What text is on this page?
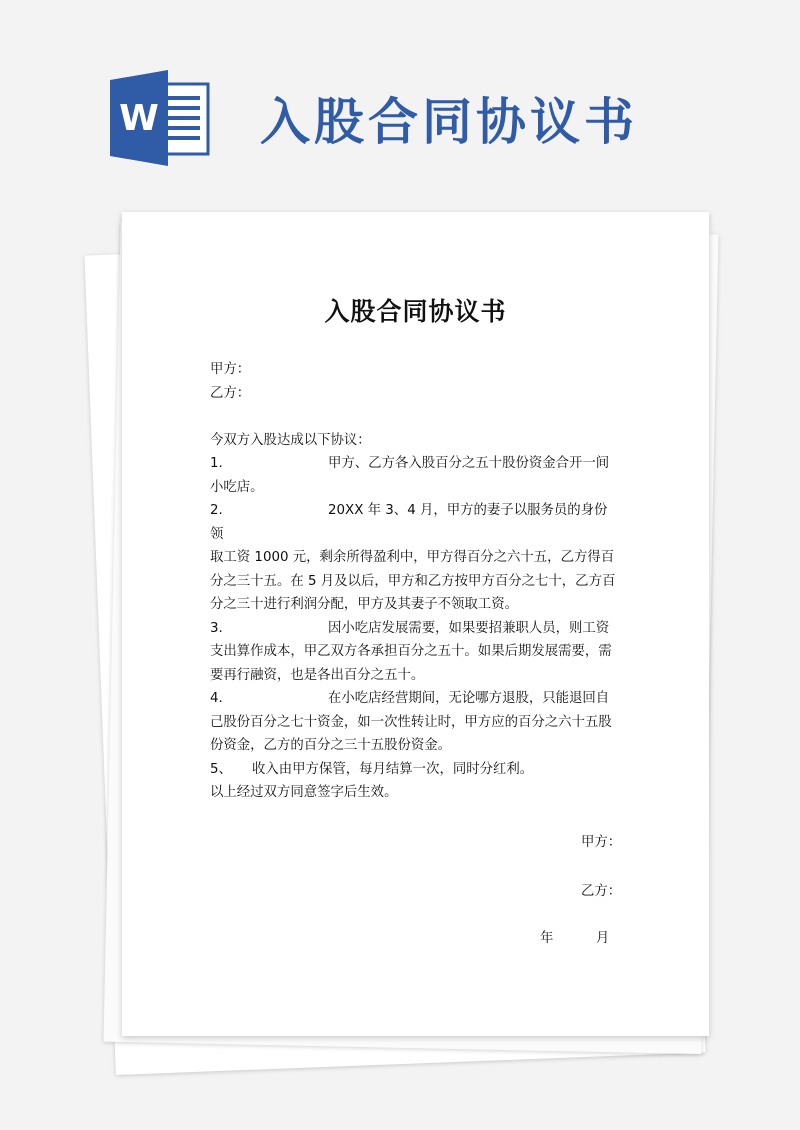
W 入股合同协议书
入股合同协议书

甲方：

乙方：

今双方入股达成以下协议：

1.	甲方、乙方各入股百分之五十股份资金合开一间
小吃店。

2.	20XX 年 3、4 月，甲方的妻子以服务员的身份领
取工资 1000 元，剩余所得盈利中，甲方得百分之六十五，乙方得百分之三十五。在 5 月及以后，甲方和乙方按甲方百分之七十，乙方百分之三十进行利润分配，甲方及其妻子不领取工资。

3.	因小吃店发展需要，如果要招兼职人员，则工资
支出算作成本，甲乙双方各承担百分之五十。如果后期发展需要，需要再行融资，也是各出百分之五十。

4.	在小吃店经营期间，无论哪方退股，只能退回自
己股份百分之七十资金，如一次性转让时，甲方应的百分之六十五股份资金，乙方的百分之三十五股份资金。

5、 收入由甲方保管，每月结算一次，同时分红利。

以上经过双方同意签字后生效。

甲方：
乙方：
年	月
